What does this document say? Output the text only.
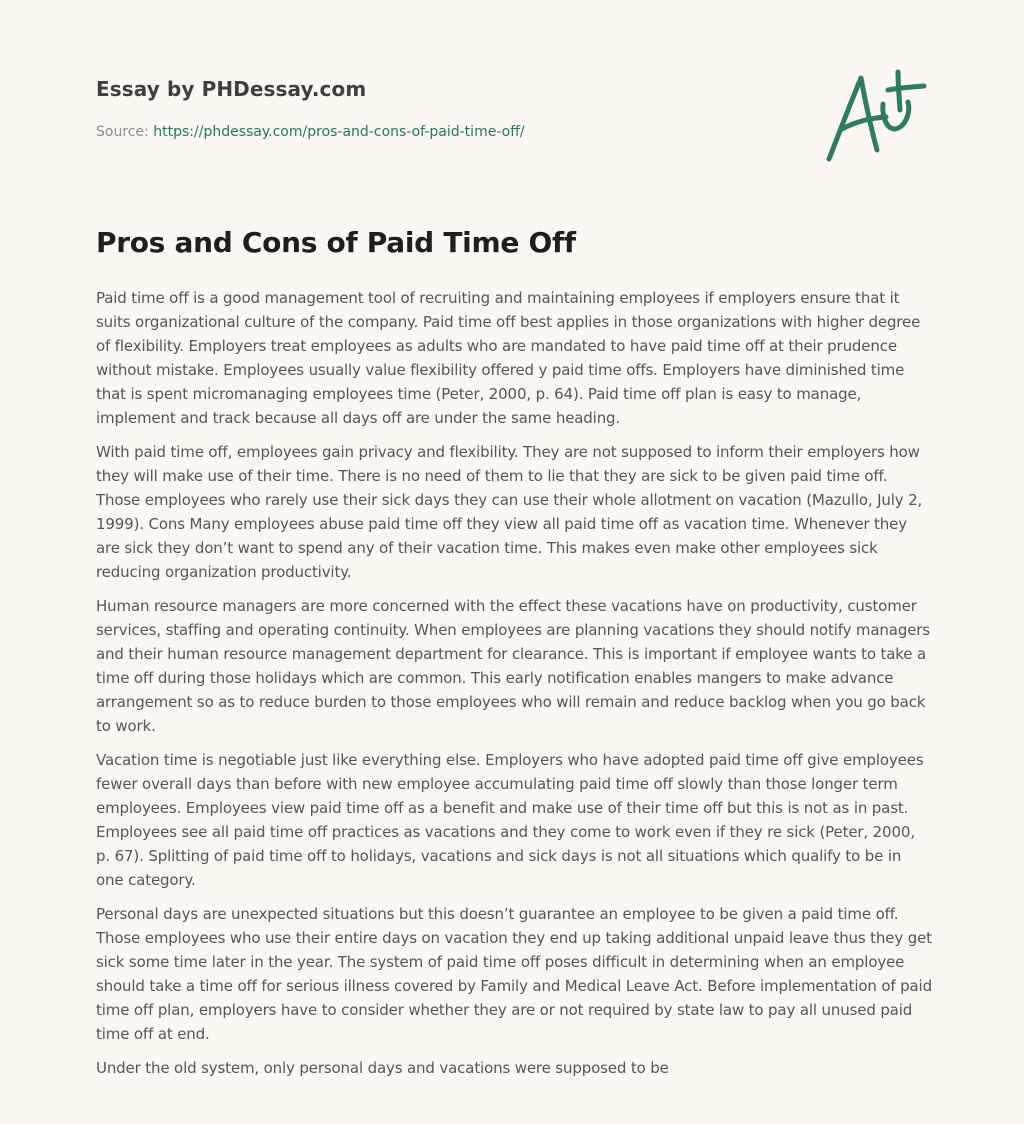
Essay by PHDessay.com
Source: https://phdessay.com/pros-and-cons-of-paid-time-off/
Pros and Cons of Paid Time Off

Paid time off is a good management tool of recruiting and maintaining employees if employers ensure that it suits organizational culture of the company. Paid time off best applies in those organizations with higher degree of flexibility. Employers treat employees as adults who are mandated to have paid time off at their prudence without mistake. Employees usually value flexibility offered y paid time offs. Employers have diminished time that is spent micromanaging employees time (Peter, 2000, p. 64). Paid time off plan is easy to manage, implement and track because all days off are under the same heading.

With paid time off, employees gain privacy and flexibility. They are not supposed to inform their employers how they will make use of their time. There is no need of them to lie that they are sick to be given paid time off. Those employees who rarely use their sick days they can use their whole allotment on vacation (Mazullo, July 2, 1999). Cons Many employees abuse paid time off they view all paid time off as vacation time. Whenever they are sick they don’t want to spend any of their vacation time. This makes even make other employees sick reducing organization productivity.

Human resource managers are more concerned with the effect these vacations have on productivity, customer services, staffing and operating continuity. When employees are planning vacations they should notify managers and their human resource management department for clearance. This is important if employee wants to take a time off during those holidays which are common. This early notification enables mangers to make advance arrangement so as to reduce burden to those employees who will remain and reduce backlog when you go back to work.

Vacation time is negotiable just like everything else. Employers who have adopted paid time off give employees fewer overall days than before with new employee accumulating paid time off slowly than those longer term employees. Employees view paid time off as a benefit and make use of their time off but this is not as in past. Employees see all paid time off practices as vacations and they come to work even if they re sick (Peter, 2000, p. 67). Splitting of paid time off to holidays, vacations and sick days is not all situations which qualify to be in one category.

Personal days are unexpected situations but this doesn’t guarantee an employee to be given a paid time off. Those employees who use their entire days on vacation they end up taking additional unpaid leave thus they get sick some time later in the year. The system of paid time off poses difficult in determining when an employee should take a time off for serious illness covered by Family and Medical Leave Act. Before implementation of paid time off plan, employers have to consider whether they are or not required by state law to pay all unused paid time off at end.

Under the old system, only personal days and vacations were supposed to be
